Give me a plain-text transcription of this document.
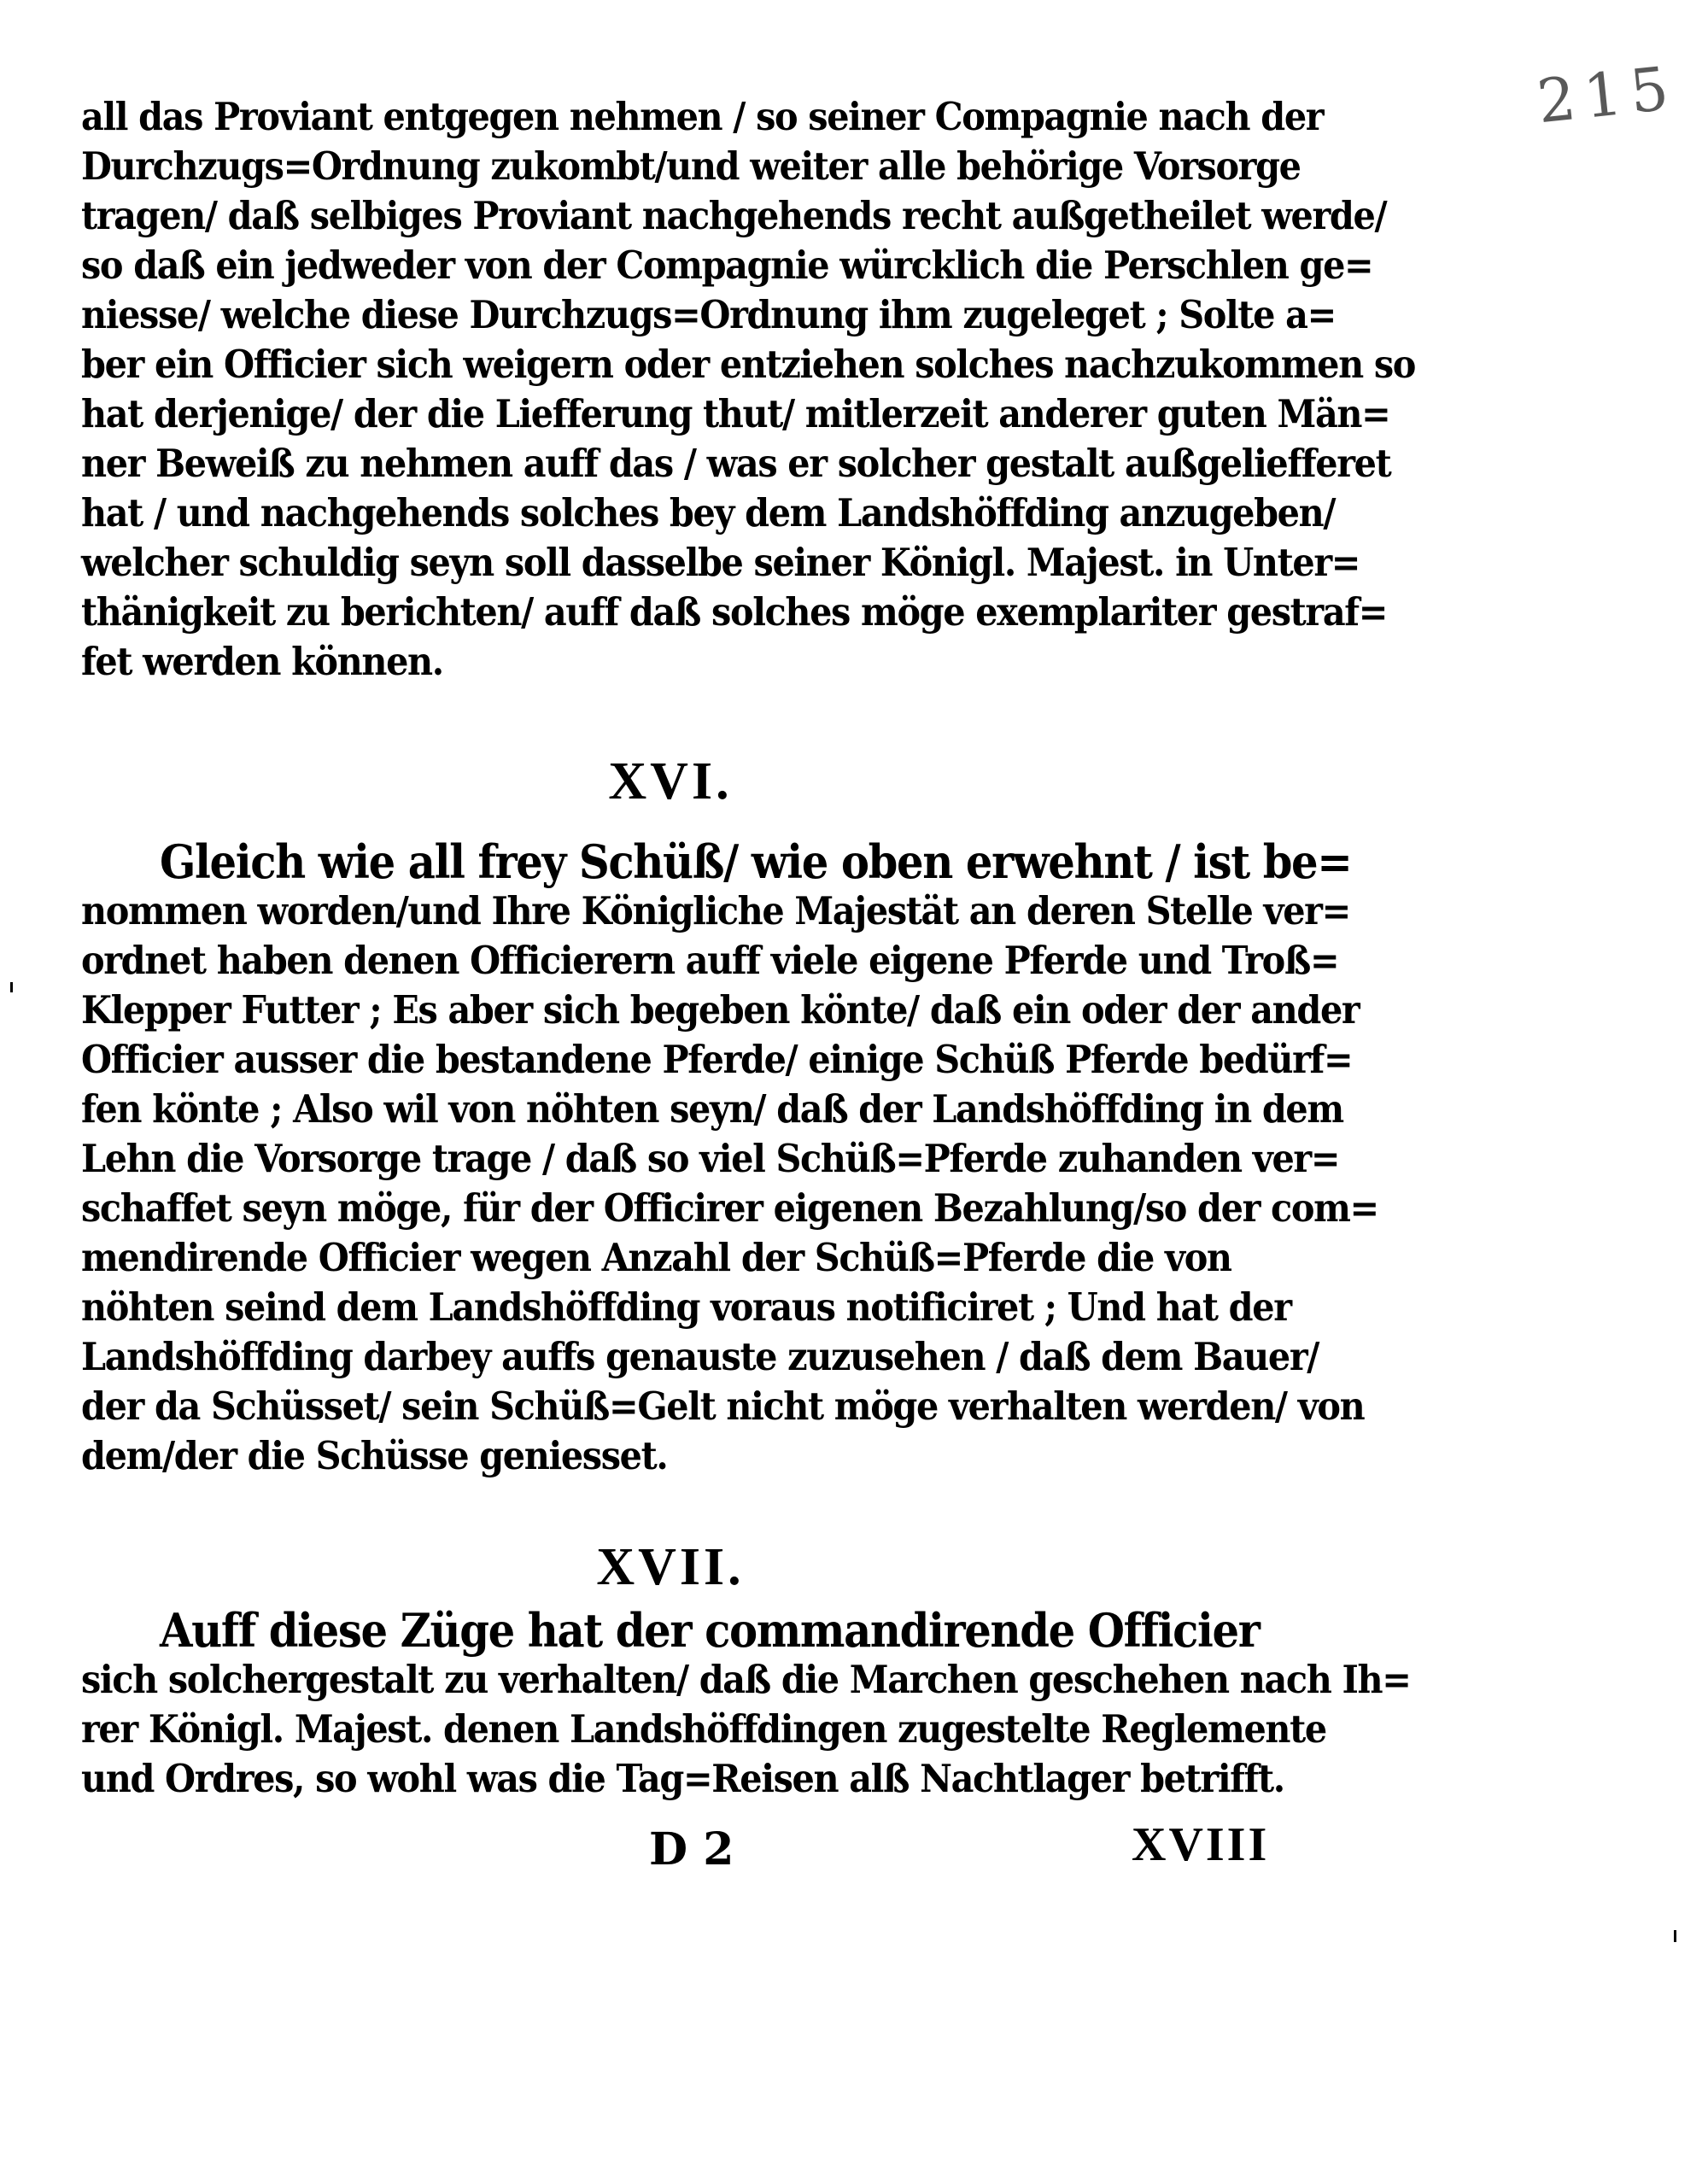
215
all das Proviant entgegen nehmen / so seiner Compagnie nach der
Durchzugs=Ordnung zukombt/und weiter alle behörige Vorsorge
tragen/ daß selbiges Proviant nachgehends recht außgetheilet werde/
so daß ein jedweder von der Compagnie würcklich die Perschlen ge=
niesse/ welche diese Durchzugs=Ordnung ihm zugeleget ; Solte a=
ber ein Officier sich weigern oder entziehen solches nachzukommen so
hat derjenige/ der die Liefferung thut/ mitlerzeit anderer guten Män=
ner Beweiß zu nehmen auff das / was er solcher gestalt außgeliefferet
hat / und nachgehends solches bey dem Landshöffding anzugeben/
welcher schuldig seyn soll dasselbe seiner Königl. Majest. in Unter=
thänigkeit zu berichten/ auff daß solches möge exemplariter gestraf=
fet werden können.
XVI.
Gleich wie all frey Schüß/ wie oben erwehnt / ist be=
nommen worden/und Ihre Königliche Majestät an deren Stelle ver=
ordnet haben denen Officierern auff viele eigene Pferde und Troß=
Klepper Futter ; Es aber sich begeben könte/ daß ein oder der ander
Officier ausser die bestandene Pferde/ einige Schüß Pferde bedürf=
fen könte ; Also wil von nöhten seyn/ daß der Landshöffding in dem
Lehn die Vorsorge trage / daß so viel Schüß=Pferde zuhanden ver=
schaffet seyn möge, für der Officirer eigenen Bezahlung/so der com=
mendirende Officier wegen Anzahl der Schüß=Pferde die von
nöhten seind dem Landshöffding voraus notificiret ; Und hat der
Landshöffding darbey auffs genauste zuzusehen / daß dem Bauer/
der da Schüsset/ sein Schüß=Gelt nicht möge verhalten werden/ von
dem/der die Schüsse geniesset.
XVII.
Auff diese Züge hat der commandirende Officier
sich solchergestalt zu verhalten/ daß die Marchen geschehen nach Ih=
rer Königl. Majest. denen Landshöffdingen zugestelte Reglemente
und Ordres, so wohl was die Tag=Reisen alß Nachtlager betrifft.
D 2	XVIII
